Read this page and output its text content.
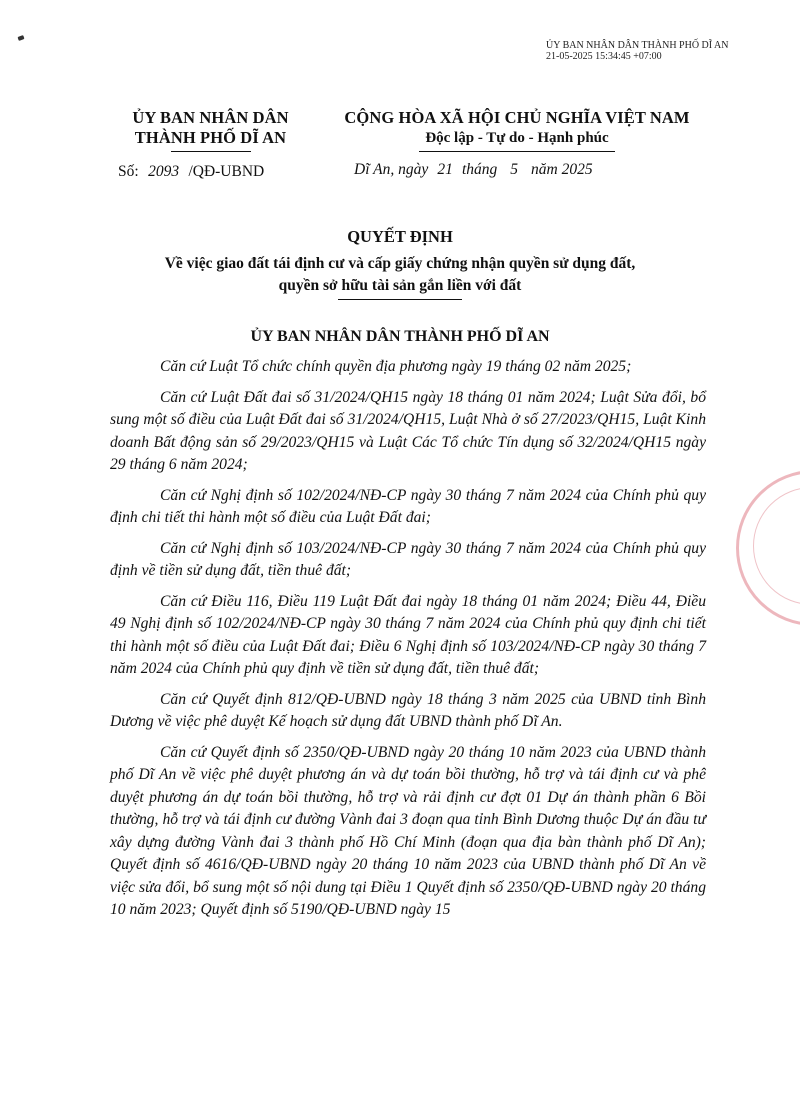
ỦY BAN NHÂN DÂN THÀNH PHỐ DĨ AN
21-05-2025 15:34:45 +07:00
ỦY BAN NHÂN DÂN
THÀNH PHỐ DĨ AN
CỘNG HÒA XÃ HỘI CHỦ NGHĨA VIỆT NAM
Độc lập - Tự do - Hạnh phúc
Số: 2093 /QĐ-UBND	Dĩ An, ngày 21 tháng 5 năm 2025
QUYẾT ĐỊNH
Về việc giao đất tái định cư và cấp giấy chứng nhận quyền sử dụng đất,
quyền sở hữu tài sản gắn liền với đất
ỦY BAN NHÂN DÂN THÀNH PHỐ DĨ AN

Căn cứ Luật Tổ chức chính quyền địa phương ngày 19 tháng 02 năm 2025;

Căn cứ Luật Đất đai số 31/2024/QH15 ngày 18 tháng 01 năm 2024; Luật Sửa đổi, bổ sung một số điều của Luật Đất đai số 31/2024/QH15, Luật Nhà ở số 27/2023/QH15, Luật Kinh doanh Bất động sản số 29/2023/QH15 và Luật Các Tổ chức Tín dụng số 32/2024/QH15 ngày 29 tháng 6 năm 2024;

Căn cứ Nghị định số 102/2024/NĐ-CP ngày 30 tháng 7 năm 2024 của Chính phủ quy định chi tiết thi hành một số điều của Luật Đất đai;

Căn cứ Nghị định số 103/2024/NĐ-CP ngày 30 tháng 7 năm 2024 của Chính phủ quy định về tiền sử dụng đất, tiền thuê đất;

Căn cứ Điều 116, Điều 119 Luật Đất đai ngày 18 tháng 01 năm 2024; Điều 44, Điều 49 Nghị định số 102/2024/NĐ-CP ngày 30 tháng 7 năm 2024 của Chính phủ quy định chi tiết thi hành một số điều của Luật Đất đai; Điều 6 Nghị định số 103/2024/NĐ-CP ngày 30 tháng 7 năm 2024 của Chính phủ quy định về tiền sử dụng đất, tiền thuê đất;

Căn cứ Quyết định 812/QĐ-UBND ngày 18 tháng 3 năm 2025 của UBND tỉnh Bình Dương về việc phê duyệt Kế hoạch sử dụng đất UBND thành phố Dĩ An.

Căn cứ Quyết định số 2350/QĐ-UBND ngày 20 tháng 10 năm 2023 của UBND thành phố Dĩ An về việc phê duyệt phương án và dự toán bồi thường, hỗ trợ và tái định cư và phê duyệt phương án dự toán bồi thường, hỗ trợ và rải định cư đợt 01 Dự án thành phần 6 Bồi thường, hỗ trợ và tái định cư đường Vành đai 3 đoạn qua tỉnh Bình Dương thuộc Dự án đầu tư xây dựng đường Vành đai 3 thành phố Hồ Chí Minh (đoạn qua địa bàn thành phố Dĩ An); Quyết định số 4616/QĐ-UBND ngày 20 tháng 10 năm 2023 của UBND thành phố Dĩ An về việc sửa đổi, bổ sung một số nội dung tại Điều 1 Quyết định số 2350/QĐ-UBND ngày 20 tháng 10 năm 2023; Quyết định số 5190/QĐ-UBND ngày 15
